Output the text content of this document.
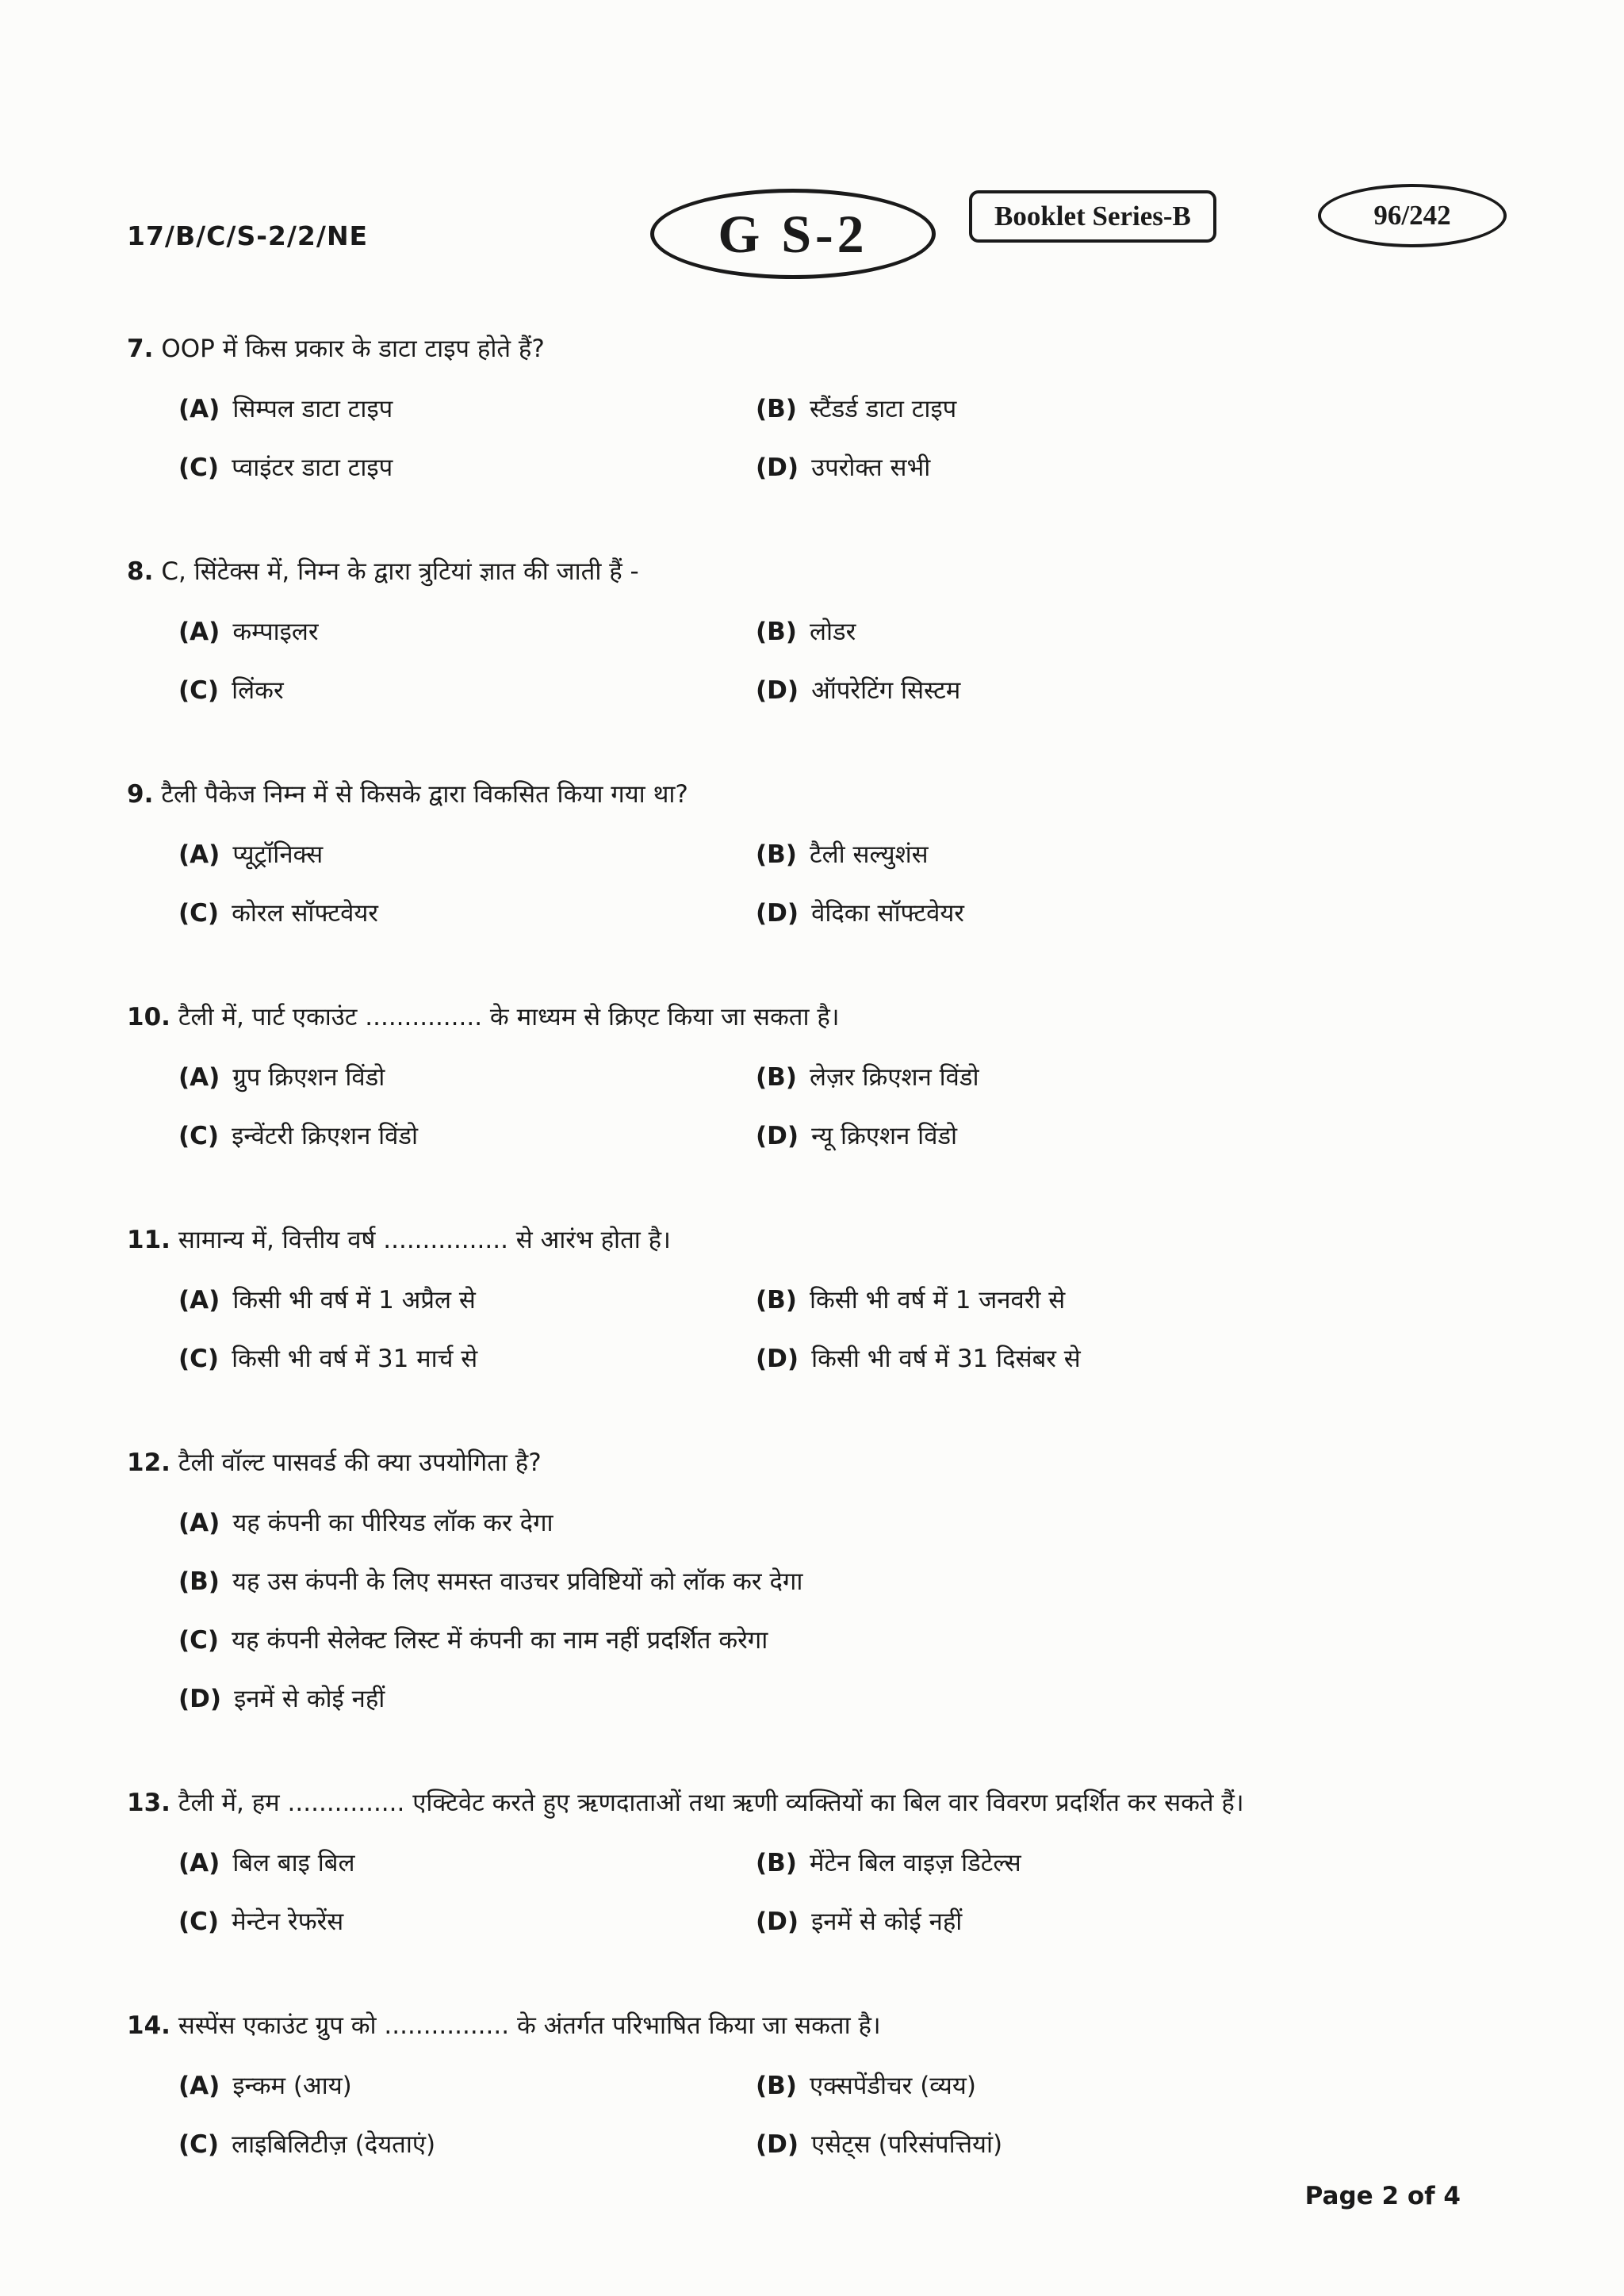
17/B/C/S-2/2/NE	G S-2	Booklet Series-B	96/242
7. OOP में किस प्रकार के डाटा टाइप होते हैं?
(A) सिम्पल डाटा टाइप	(B) स्टैंडर्ड डाटा टाइप
(C) प्वाइंटर डाटा टाइप	(D) उपरोक्त सभी
8. C, सिंटेक्स में, निम्न के द्वारा त्रुटियां ज्ञात की जाती हैं -
(A) कम्पाइलर	(B) लोडर
(C) लिंकर	(D) ऑपरेटिंग सिस्टम
9. टैली पैकेज निम्न में से किसके द्वारा विकसित किया गया था?
(A) प्यूट्रॉनिक्स	(B) टैली सल्युशंस
(C) कोरल सॉफ्टवेयर	(D) वेदिका सॉफ्टवेयर
10. टैली में, पार्ट एकाउंट ............... के माध्यम से क्रिएट किया जा सकता है।
(A) ग्रुप क्रिएशन विंडो	(B) लेज़र क्रिएशन विंडो
(C) इन्वेंटरी क्रिएशन विंडो	(D) न्यू क्रिएशन विंडो
11. सामान्य में, वित्तीय वर्ष ................ से आरंभ होता है।
(A) किसी भी वर्ष में 1 अप्रैल से	(B) किसी भी वर्ष में 1 जनवरी से
(C) किसी भी वर्ष में 31 मार्च से	(D) किसी भी वर्ष में 31 दिसंबर से
12. टैली वॉल्ट पासवर्ड की क्या उपयोगिता है?
(A) यह कंपनी का पीरियड लॉक कर देगा
(B) यह उस कंपनी के लिए समस्त वाउचर प्रविष्टियों को लॉक कर देगा
(C) यह कंपनी सेलेक्ट लिस्ट में कंपनी का नाम नहीं प्रदर्शित करेगा
(D) इनमें से कोई नहीं
13. टैली में, हम ............... एक्टिवेट करते हुए ऋणदाताओं तथा ऋणी व्यक्तियों का बिल वार विवरण प्रदर्शित कर सकते हैं।
(A) बिल बाइ बिल	(B) मेंटेन बिल वाइज़ डिटेल्स
(C) मेन्टेन रेफरेंस	(D) इनमें से कोई नहीं
14. सस्पेंस एकाउंट ग्रुप को ................ के अंतर्गत परिभाषित किया जा सकता है।
(A) इन्कम (आय)	(B) एक्सपेंडीचर (व्यय)
(C) लाइबिलिटीज़ (देयताएं)	(D) एसेट्स (परिसंपत्तियां)
Page 2 of 4
